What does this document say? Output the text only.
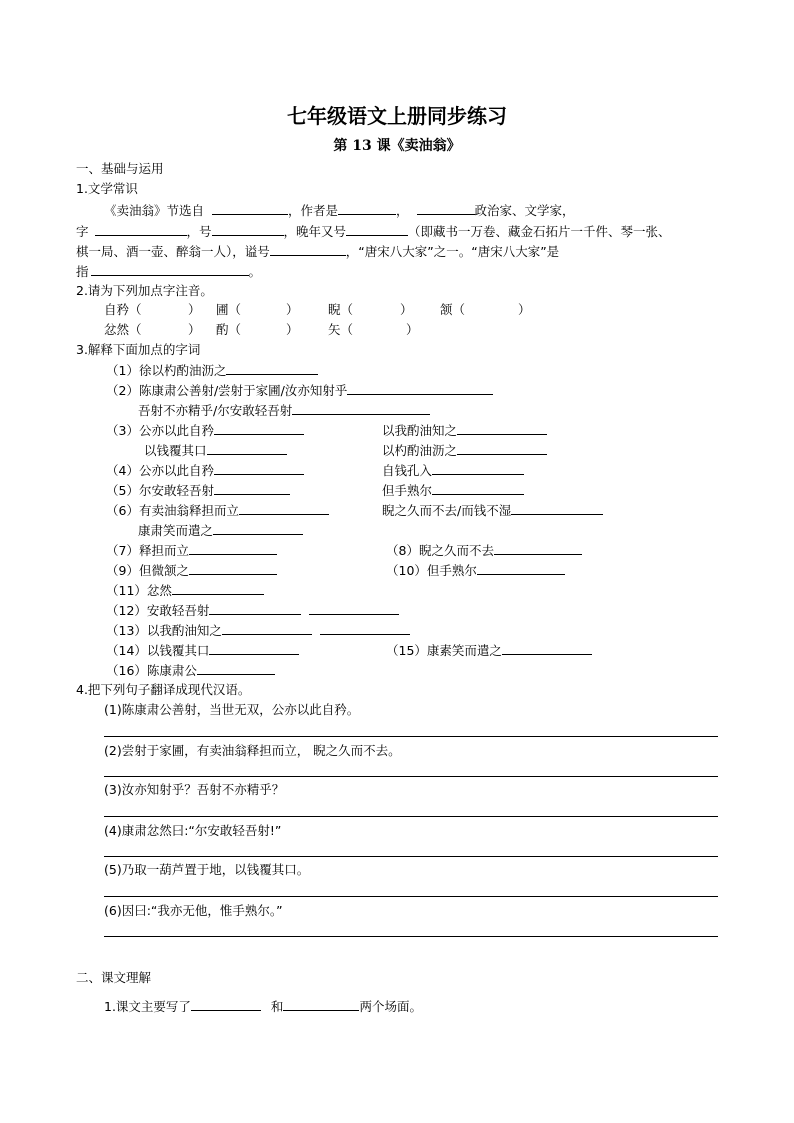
七年级语文上册同步练习
第 13 课《卖油翁》
一、基础与运用
1.文学常识
《卖油翁》节选自	，作者是	，	政治家、文学家，
字	，号	，晚年又号	（即藏书一万卷、藏金石拓片一千件、琴一张、
棋一局、酒一壶、醉翁一人），谥号	，“唐宋八大家”之一。“唐宋八大家”是
指	。
2.请为下列加点字注音。
自矜（	） 圃（	） 睨（	） 颔（	）
忿然（	） 酌（	） 矢（	）
3.解释下面加点的字词
（1）徐以杓酌油沥之
（2）陈康肃公善射/尝射于家圃/汝亦知射乎
吾射不亦精乎/尔安敢轻吾射
（3）公亦以此自矜	以我酌油知之
以钱覆其口	以杓酌油沥之
（4）公亦以此自矜	自钱孔入
（5）尔安敢轻吾射	但手熟尔
（6）有卖油翁释担而立	睨之久而不去/而钱不湿
康肃笑而遣之
（7）释担而立	（8）睨之久而不去
（9）但微颔之	（10）但手熟尔
（11）忿然
（12）安敢轻吾射
（13）以我酌油知之
（14）以钱覆其口	（15）康素笑而遣之
（16）陈康肃公
4.把下列句子翻译成现代汉语。
(1)陈康肃公善射，当世无双，公亦以此自矜。
(2)尝射于家圃，有卖油翁释担而立， 睨之久而不去。
(3)汝亦知射乎？吾射不亦精乎？
(4)康肃忿然曰:“尔安敢轻吾射!”
(5)乃取一葫芦置于地，以钱覆其口。
(6)因曰:“我亦无他，惟手熟尔。”
二、课文理解
1.课文主要写了	和	两个场面。
